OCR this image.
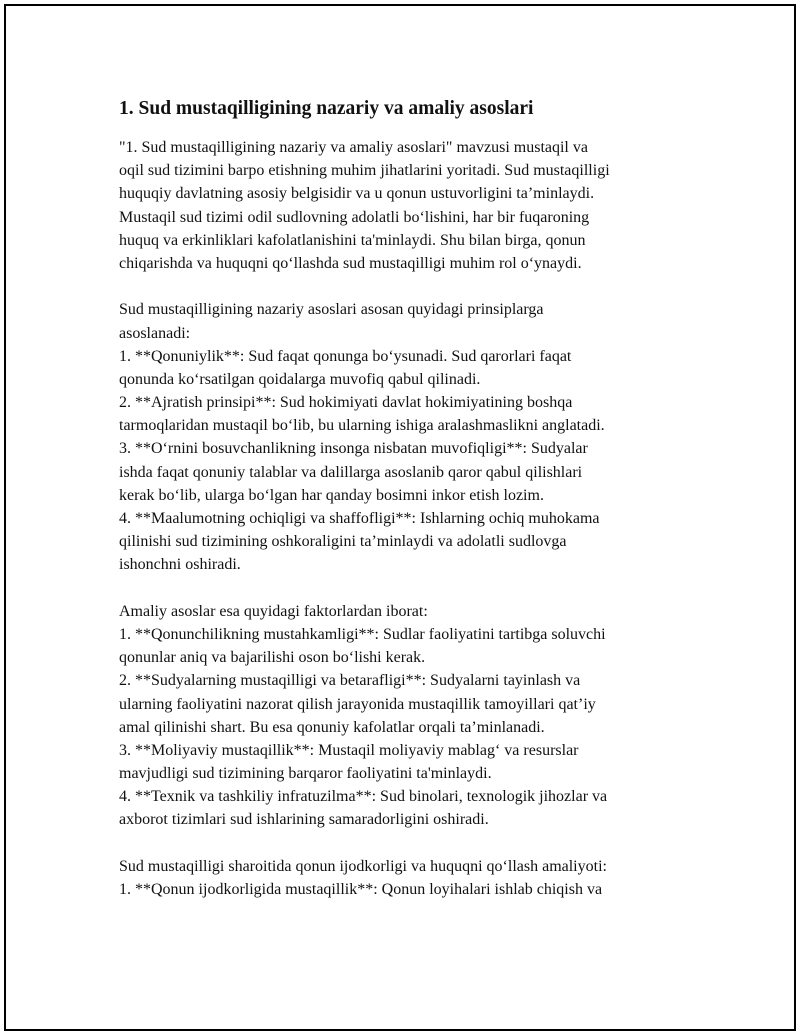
1. Sud mustaqilligining nazariy va amaliy asoslari
"1. Sud mustaqilligining nazariy va amaliy asoslari" mavzusi mustaqil va
oqil sud tizimini barpo etishning muhim jihatlarini yoritadi. Sud mustaqilligi
huquqiy davlatning asosiy belgisidir va u qonun ustuvorligini ta’minlaydi.
Mustaqil sud tizimi odil sudlovning adolatli bo‘lishini, har bir fuqaroning
huquq va erkinliklari kafolatlanishini ta'minlaydi. Shu bilan birga, qonun
chiqarishda va huquqni qo‘llashda sud mustaqilligi muhim rol o‘ynaydi.
Sud mustaqilligining nazariy asoslari asosan quyidagi prinsiplarga
asoslanadi:
1. **Qonuniylik**: Sud faqat qonunga bo‘ysunadi. Sud qarorlari faqat
qonunda ko‘rsatilgan qoidalarga muvofiq qabul qilinadi.
2. **Ajratish prinsipi**: Sud hokimiyati davlat hokimiyatining boshqa
tarmoqlaridan mustaqil bo‘lib, bu ularning ishiga aralashmaslikni anglatadi.
3. **O‘rnini bosuvchanlikning insonga nisbatan muvofiqligi**: Sudyalar
ishda faqat qonuniy talablar va dalillarga asoslanib qaror qabul qilishlari
kerak bo‘lib, ularga bo‘lgan har qanday bosimni inkor etish lozim.
4. **Maalumotning ochiqligi va shaffofligi**: Ishlarning ochiq muhokama
qilinishi sud tizimining oshkoraligini ta’minlaydi va adolatli sudlovga
ishonchni oshiradi.
Amaliy asoslar esa quyidagi faktorlardan iborat:
1. **Qonunchilikning mustahkamligi**: Sudlar faoliyatini tartibga soluvchi
qonunlar aniq va bajarilishi oson bo‘lishi kerak.
2. **Sudyalarning mustaqilligi va betarafligi**: Sudyalarni tayinlash va
ularning faoliyatini nazorat qilish jarayonida mustaqillik tamoyillari qat’iy
amal qilinishi shart. Bu esa qonuniy kafolatlar orqali ta’minlanadi.
3. **Moliyaviy mustaqillik**: Mustaqil moliyaviy mablag‘ va resurslar
mavjudligi sud tizimining barqaror faoliyatini ta'minlaydi.
4. **Texnik va tashkiliy infratuzilma**: Sud binolari, texnologik jihozlar va
axborot tizimlari sud ishlarining samaradorligini oshiradi.
Sud mustaqilligi sharoitida qonun ijodkorligi va huquqni qo‘llash amaliyoti:
1. **Qonun ijodkorligida mustaqillik**: Qonun loyihalari ishlab chiqish va
